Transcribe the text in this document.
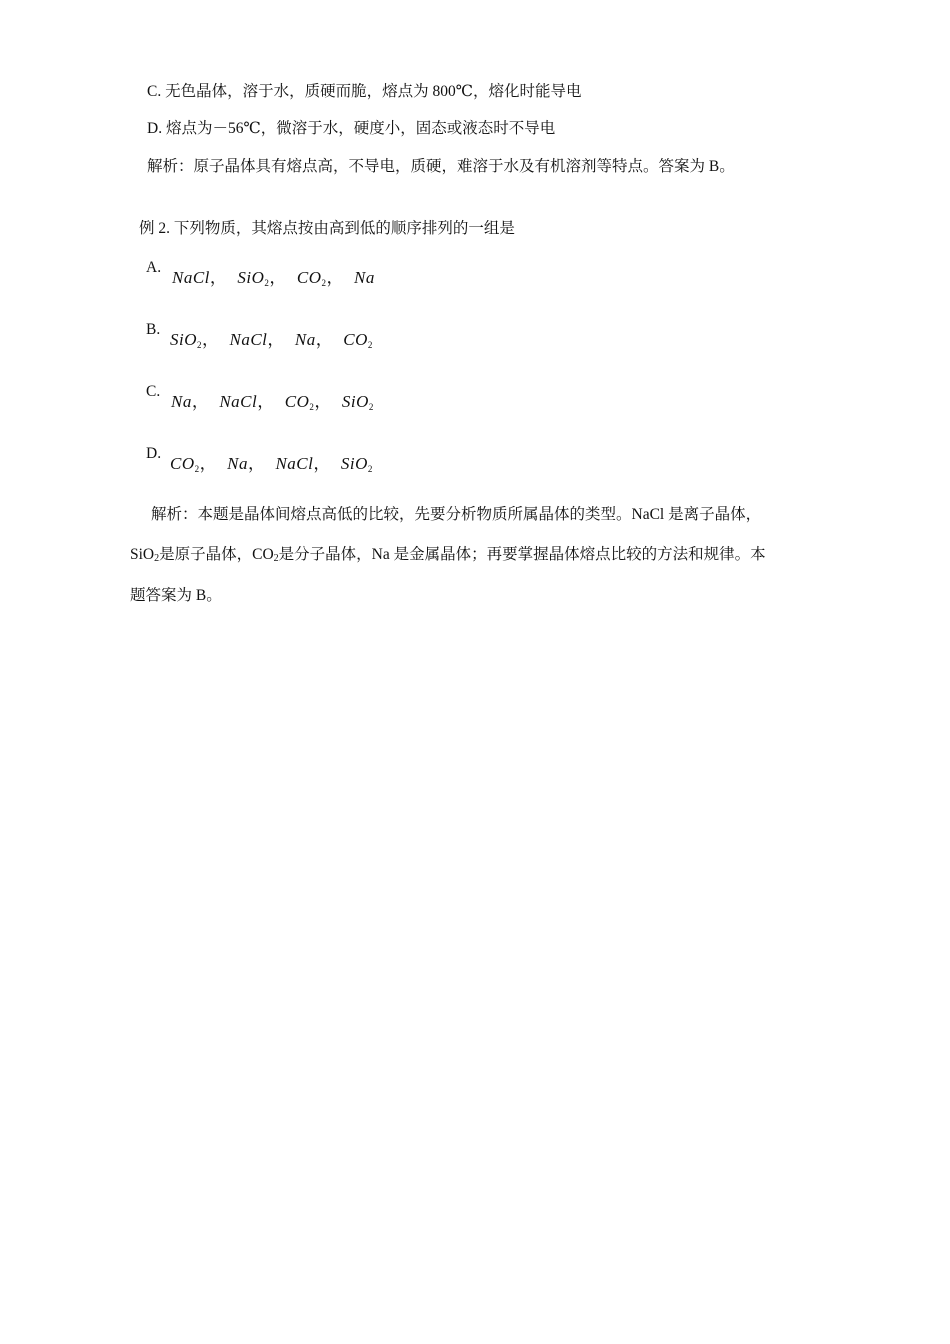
C. 无色晶体，溶于水，质硬而脆，熔点为 800℃，熔化时能导电
D. 熔点为－56℃，微溶于水，硬度小，固态或液态时不导电
解析：原子晶体具有熔点高，不导电，质硬，难溶于水及有机溶剂等特点。答案为 B。
例 2. 下列物质，其熔点按由高到低的顺序排列的一组是
A.
NaCl， SiO$_2$， $CO_2$， Na
B.
SiO$_2$， NaCl， Na， $CO_2$
C.
Na， NaCl， $CO_2$， SiO$_2$
D.
$CO_2$， Na， NaCl， SiO$_2$
解析：本题是晶体间熔点高低的比较，先要分析物质所属晶体的类型。NaCl 是离子晶体，
SiO$_2$是原子晶体，$CO_2$是分子晶体，Na 是金属晶体；再要掌握晶体熔点比较的方法和规律。本
题答案为 B。
